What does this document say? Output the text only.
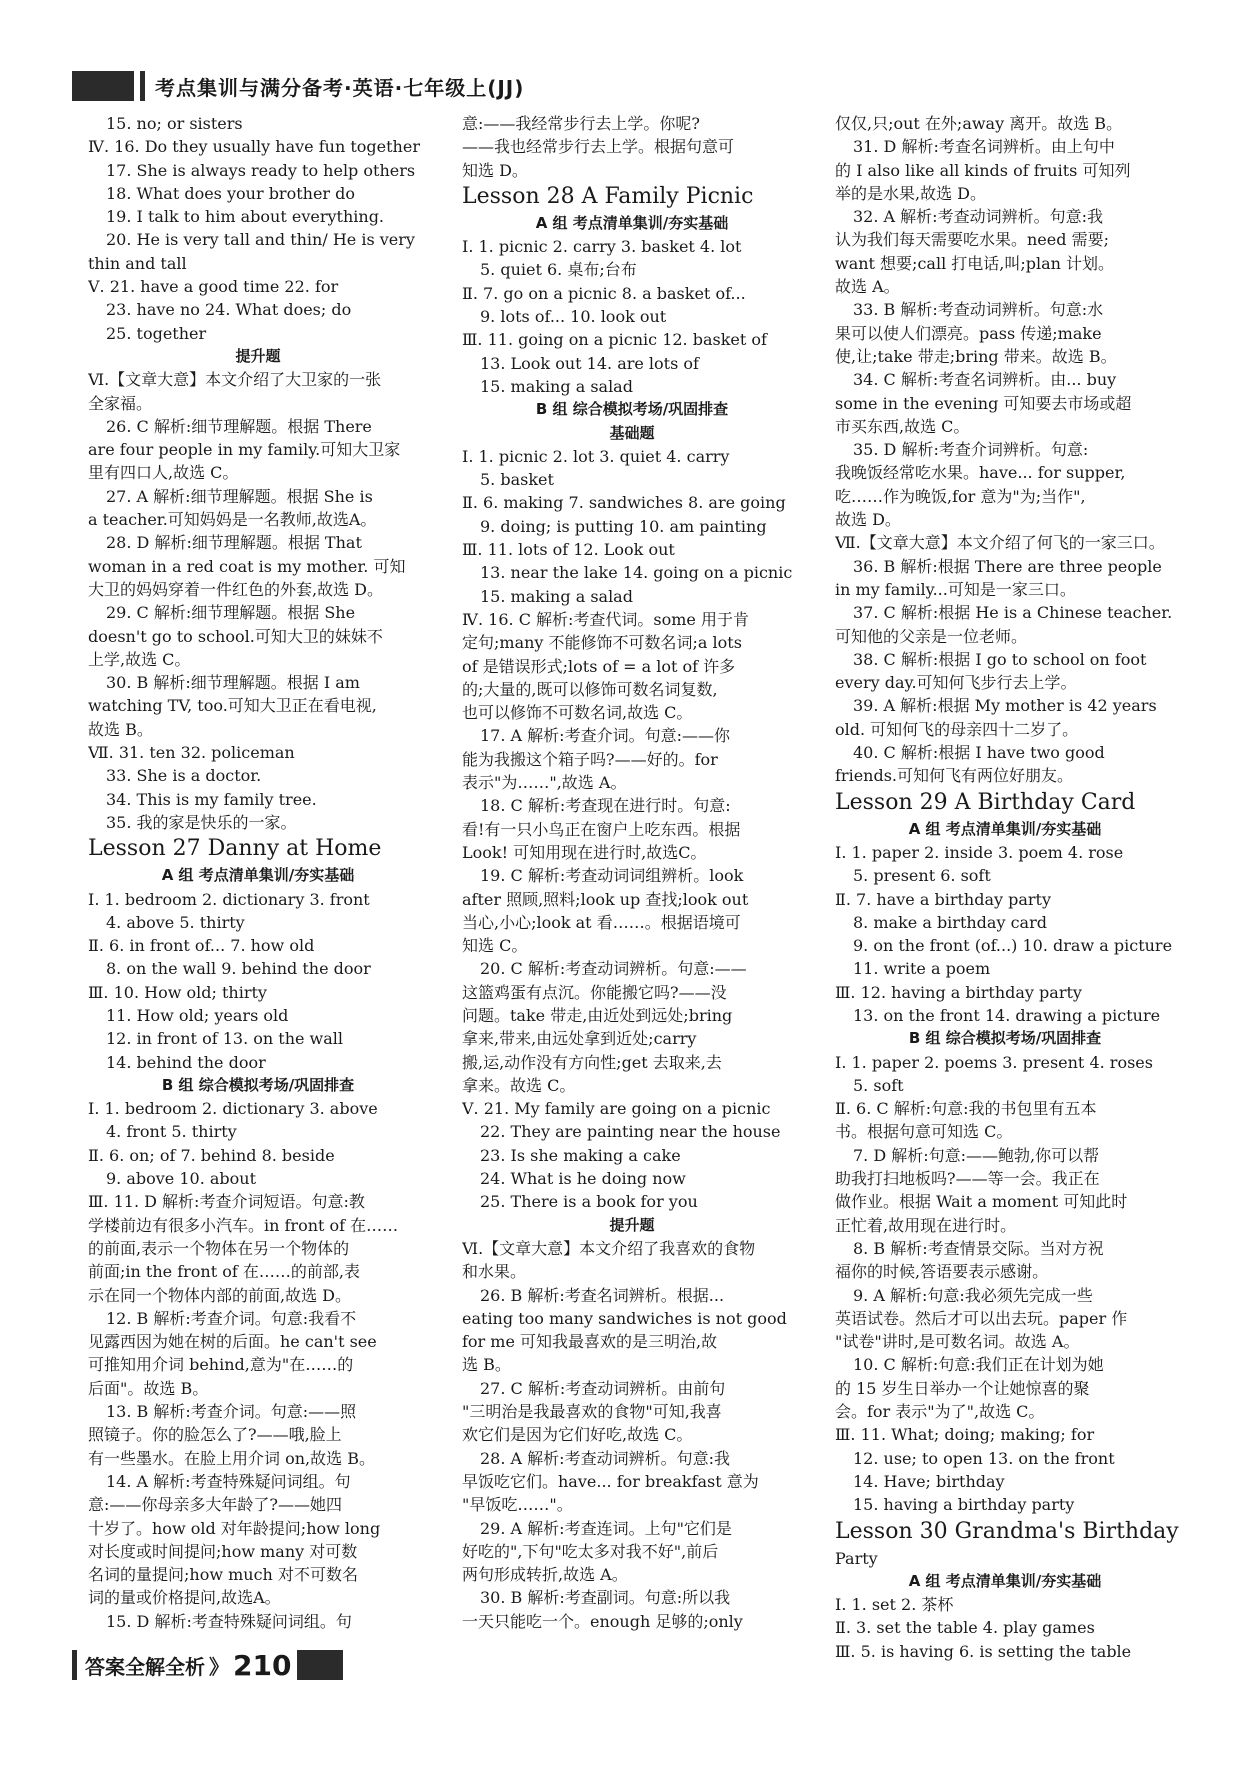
考点集训与满分备考·英语·七年级上(JJ)
15. no; or sisters
Ⅳ. 16. Do they usually have fun together
17. She is always ready to help others
18. What does your brother do
19. I talk to him about everything.
20. He is very tall and thin/ He is very
thin and tall
Ⅴ. 21. have a good time 22. for
23. have no 24. What does; do
25. together
提升题
Ⅵ.【文章大意】本文介绍了大卫家的一张
全家福。
26. C 解析:细节理解题。根据 There
are four people in my family.可知大卫家
里有四口人,故选 C。
27. A 解析:细节理解题。根据 She is
a teacher.可知妈妈是一名教师,故选A。
28. D 解析:细节理解题。根据 That
woman in a red coat is my mother. 可知
大卫的妈妈穿着一件红色的外套,故选 D。
29. C 解析:细节理解题。根据 She
doesn't go to school.可知大卫的妹妹不
上学,故选 C。
30. B 解析:细节理解题。根据 I am
watching TV, too.可知大卫正在看电视,
故选 B。
Ⅶ. 31. ten 32. policeman
33. She is a doctor.
34. This is my family tree.
35. 我的家是快乐的一家。
Lesson 27 Danny at Home
A 组 考点清单集训/夯实基础
Ⅰ. 1. bedroom 2. dictionary 3. front
4. above 5. thirty
Ⅱ. 6. in front of... 7. how old
8. on the wall 9. behind the door
Ⅲ. 10. How old; thirty
11. How old; years old
12. in front of 13. on the wall
14. behind the door
B 组 综合模拟考场/巩固排查
Ⅰ. 1. bedroom 2. dictionary 3. above
4. front 5. thirty
Ⅱ. 6. on; of 7. behind 8. beside
9. above 10. about
Ⅲ. 11. D 解析:考查介词短语。句意:教
学楼前边有很多小汽车。in front of 在……
的前面,表示一个物体在另一个物体的
前面;in the front of 在……的前部,表
示在同一个物体内部的前面,故选 D。
12. B 解析:考查介词。句意:我看不
见露西因为她在树的后面。he can't see
可推知用介词 behind,意为"在……的
后面"。故选 B。
13. B 解析:考查介词。句意:——照
照镜子。你的脸怎么了?——哦,脸上
有一些墨水。在脸上用介词 on,故选 B。
14. A 解析:考查特殊疑问词组。句
意:——你母亲多大年龄了?——她四
十岁了。how old 对年龄提问;how long
对长度或时间提问;how many 对可数
名词的量提问;how much 对不可数名
词的量或价格提问,故选A。
15. D 解析:考查特殊疑问词组。句
意:——我经常步行去上学。你呢?
——我也经常步行去上学。根据句意可
知选 D。
Lesson 28 A Family Picnic
A 组 考点清单集训/夯实基础
Ⅰ. 1. picnic 2. carry 3. basket 4. lot
5. quiet 6. 桌布;台布
Ⅱ. 7. go on a picnic 8. a basket of...
9. lots of... 10. look out
Ⅲ. 11. going on a picnic 12. basket of
13. Look out 14. are lots of
15. making a salad
B 组 综合模拟考场/巩固排查
基础题
Ⅰ. 1. picnic 2. lot 3. quiet 4. carry
5. basket
Ⅱ. 6. making 7. sandwiches 8. are going
9. doing; is putting 10. am painting
Ⅲ. 11. lots of 12. Look out
13. near the lake 14. going on a picnic
15. making a salad
Ⅳ. 16. C 解析:考查代词。some 用于肯
定句;many 不能修饰不可数名词;a lots
of 是错误形式;lots of = a lot of 许多
的;大量的,既可以修饰可数名词复数,
也可以修饰不可数名词,故选 C。
17. A 解析:考查介词。句意:——你
能为我搬这个箱子吗?——好的。for
表示"为……",故选 A。
18. C 解析:考查现在进行时。句意:
看!有一只小鸟正在窗户上吃东西。根据
Look! 可知用现在进行时,故选C。
19. C 解析:考查动词词组辨析。look
after 照顾,照料;look up 查找;look out
当心,小心;look at 看……。根据语境可
知选 C。
20. C 解析:考查动词辨析。句意:——
这篮鸡蛋有点沉。你能搬它吗?——没
问题。take 带走,由近处到远处;bring
拿来,带来,由远处拿到近处;carry
搬,运,动作没有方向性;get 去取来,去
拿来。故选 C。
Ⅴ. 21. My family are going on a picnic
22. They are painting near the house
23. Is she making a cake
24. What is he doing now
25. There is a book for you
提升题
Ⅵ.【文章大意】本文介绍了我喜欢的食物
和水果。
26. B 解析:考查名词辨析。根据...
eating too many sandwiches is not good
for me 可知我最喜欢的是三明治,故
选 B。
27. C 解析:考查动词辨析。由前句
"三明治是我最喜欢的食物"可知,我喜
欢它们是因为它们好吃,故选 C。
28. A 解析:考查动词辨析。句意:我
早饭吃它们。have... for breakfast 意为
"早饭吃……"。
29. A 解析:考查连词。上句"它们是
好吃的",下句"吃太多对我不好",前后
两句形成转折,故选 A。
30. B 解析:考查副词。句意:所以我
一天只能吃一个。enough 足够的;only
仅仅,只;out 在外;away 离开。故选 B。
31. D 解析:考查名词辨析。由上句中
的 I also like all kinds of fruits 可知列
举的是水果,故选 D。
32. A 解析:考查动词辨析。句意:我
认为我们每天需要吃水果。need 需要;
want 想要;call 打电话,叫;plan 计划。
故选 A。
33. B 解析:考查动词辨析。句意:水
果可以使人们漂亮。pass 传递;make
使,让;take 带走;bring 带来。故选 B。
34. C 解析:考查名词辨析。由... buy
some in the evening 可知要去市场或超
市买东西,故选 C。
35. D 解析:考查介词辨析。句意:
我晚饭经常吃水果。have... for supper,
吃……作为晚饭,for 意为"为;当作",
故选 D。
Ⅶ.【文章大意】本文介绍了何飞的一家三口。
36. B 解析:根据 There are three people
in my family...可知是一家三口。
37. C 解析:根据 He is a Chinese teacher.
可知他的父亲是一位老师。
38. C 解析:根据 I go to school on foot
every day.可知何飞步行去上学。
39. A 解析:根据 My mother is 42 years
old. 可知何飞的母亲四十二岁了。
40. C 解析:根据 I have two good
friends.可知何飞有两位好朋友。
Lesson 29 A Birthday Card
A 组 考点清单集训/夯实基础
Ⅰ. 1. paper 2. inside 3. poem 4. rose
5. present 6. soft
Ⅱ. 7. have a birthday party
8. make a birthday card
9. on the front (of...) 10. draw a picture
11. write a poem
Ⅲ. 12. having a birthday party
13. on the front 14. drawing a picture
B 组 综合模拟考场/巩固排查
Ⅰ. 1. paper 2. poems 3. present 4. roses
5. soft
Ⅱ. 6. C 解析:句意:我的书包里有五本
书。根据句意可知选 C。
7. D 解析:句意:——鲍勃,你可以帮
助我打扫地板吗?——等一会。我正在
做作业。根据 Wait a moment 可知此时
正忙着,故用现在进行时。
8. B 解析:考查情景交际。当对方祝
福你的时候,答语要表示感谢。
9. A 解析:句意:我必须先完成一些
英语试卷。然后才可以出去玩。paper 作
"试卷"讲时,是可数名词。故选 A。
10. C 解析:句意:我们正在计划为她
的 15 岁生日举办一个让她惊喜的聚
会。for 表示"为了",故选 C。
Ⅲ. 11. What; doing; making; for
12. use; to open 13. on the front
14. Have; birthday
15. having a birthday party
Lesson 30 Grandma's Birthday
Party
A 组 考点清单集训/夯实基础
Ⅰ. 1. set 2. 茶杯
Ⅱ. 3. set the table 4. play games
Ⅲ. 5. is having 6. is setting the table
答案全解全析 》 210
